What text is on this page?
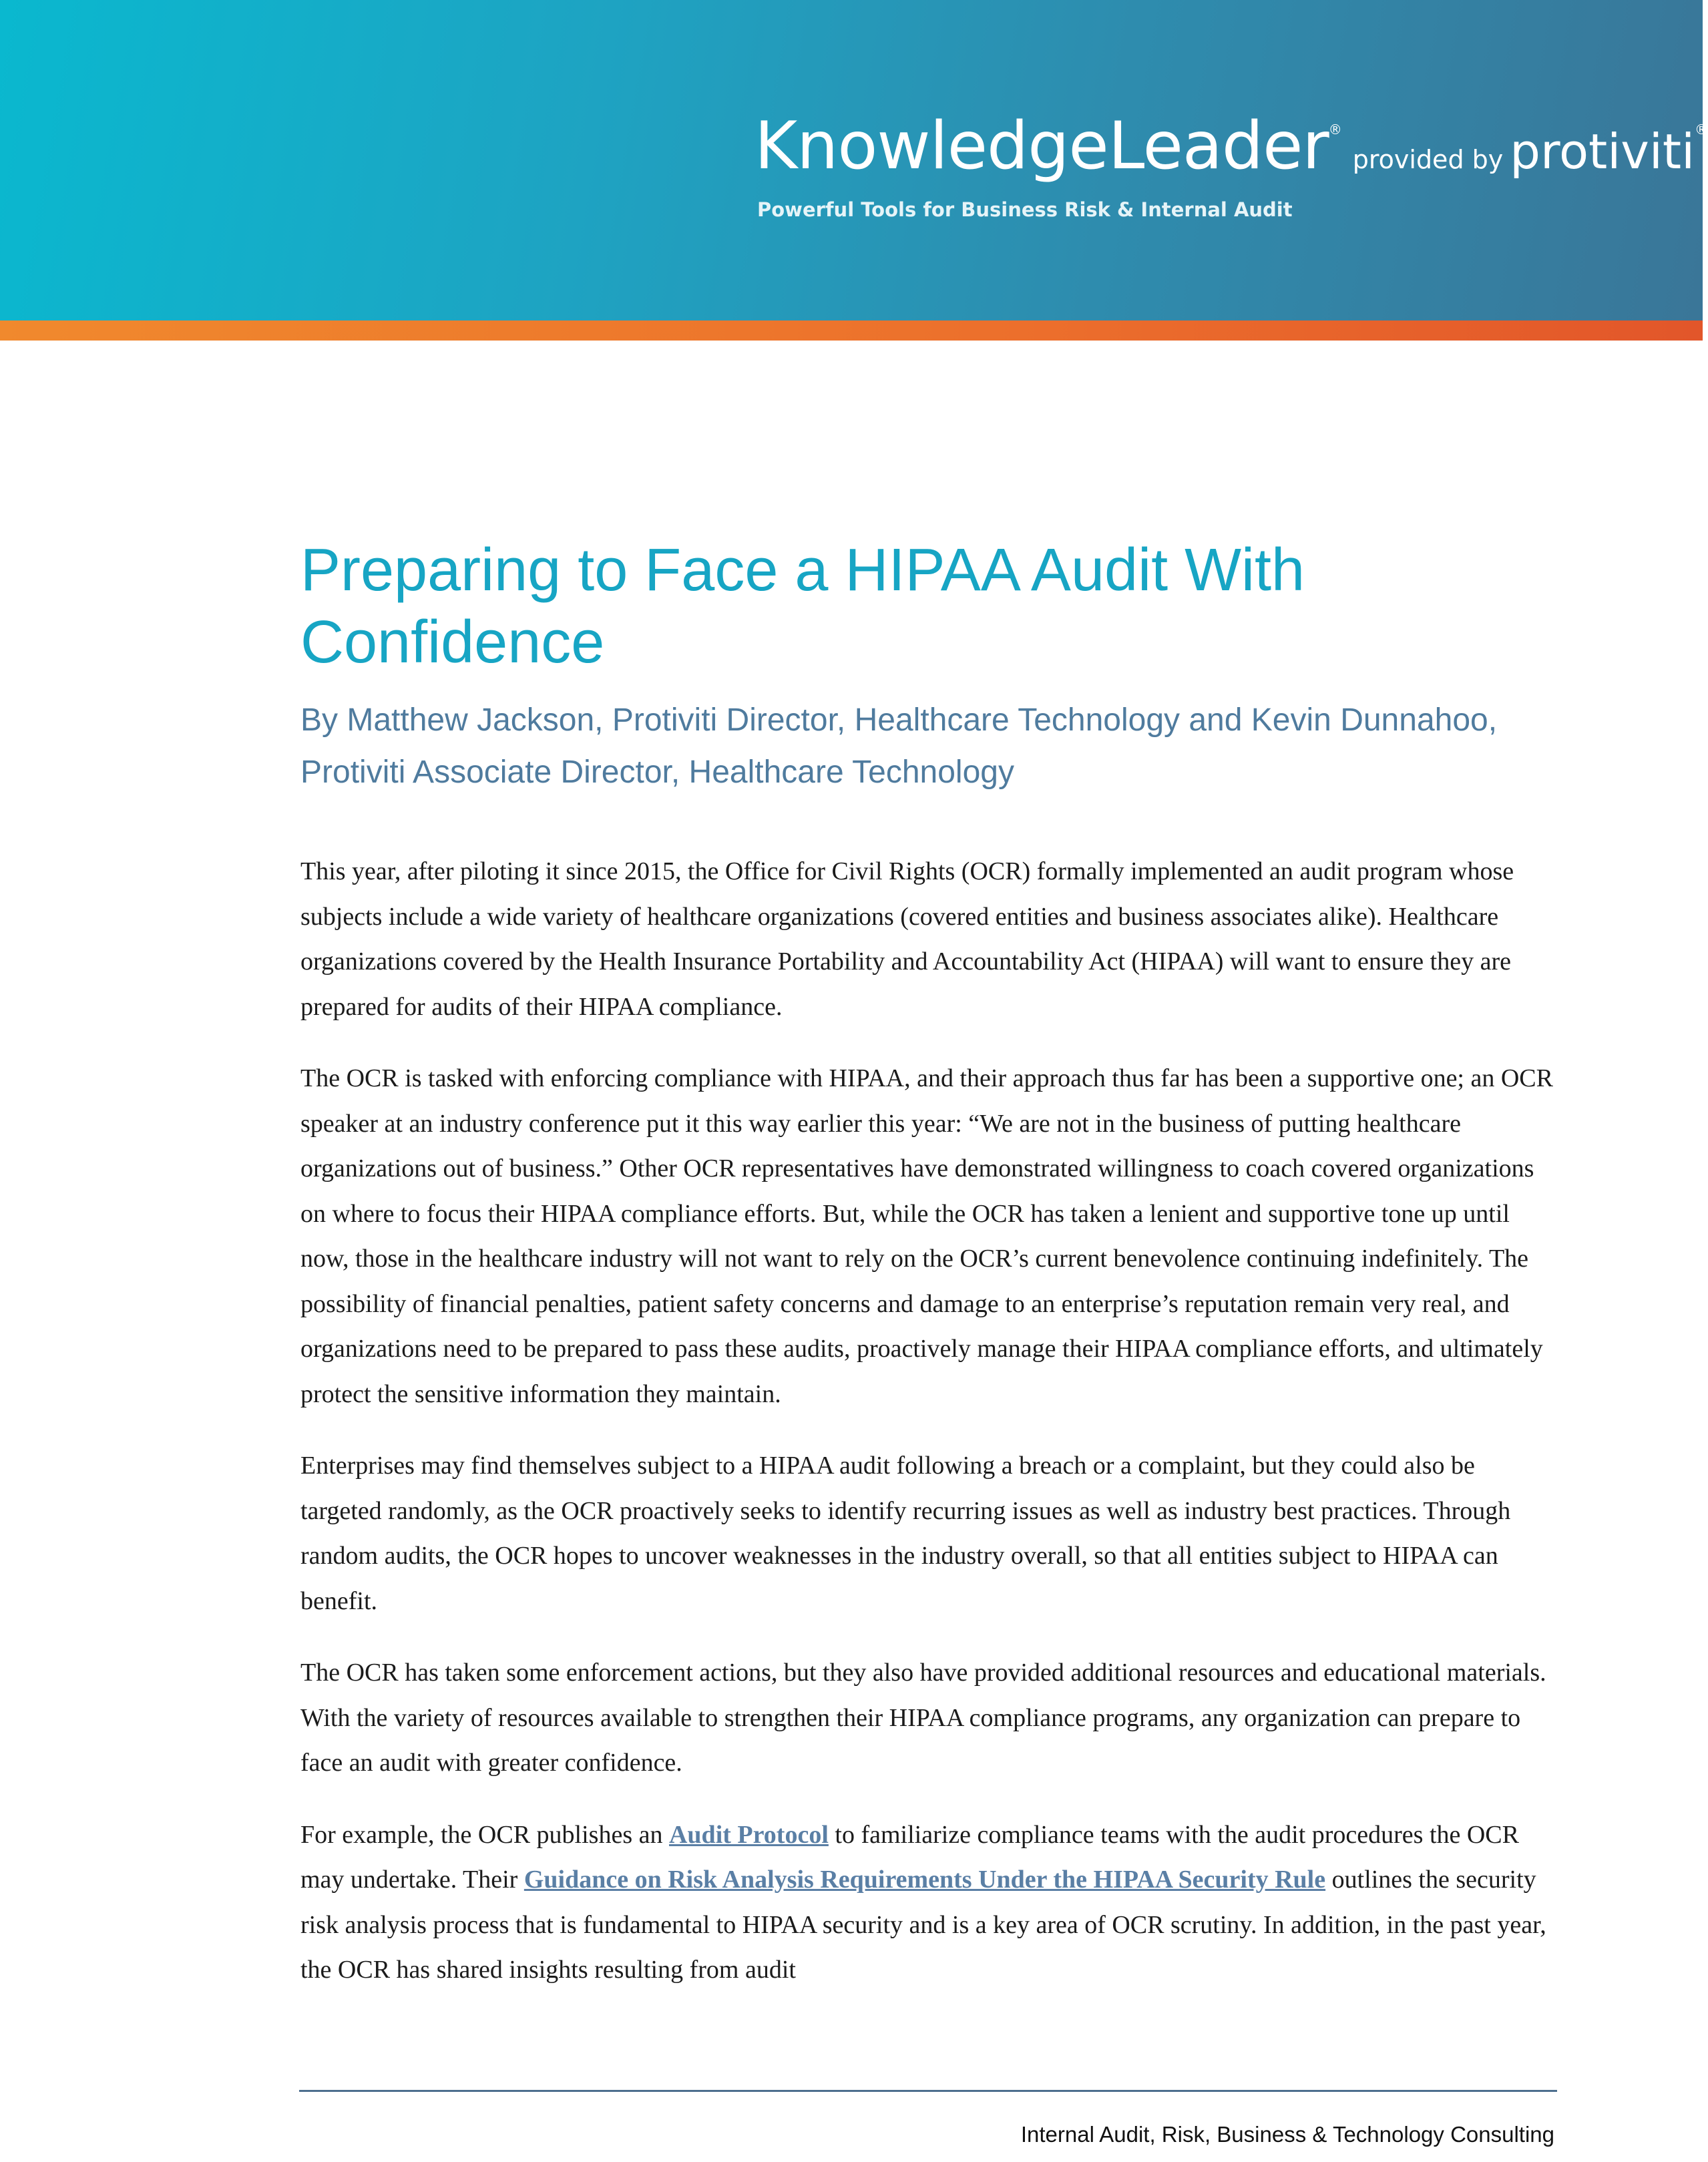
KnowledgeLeader® provided by protiviti®
Powerful Tools for Business Risk & Internal Audit
Preparing to Face a HIPAA Audit With Confidence

By Matthew Jackson, Protiviti Director, Healthcare Technology and Kevin Dunnahoo, Protiviti Associate Director, Healthcare Technology

This year, after piloting it since 2015, the Office for Civil Rights (OCR) formally implemented an audit program whose subjects include a wide variety of healthcare organizations (covered entities and business associates alike). Healthcare organizations covered by the Health Insurance Portability and Accountability Act (HIPAA) will want to ensure they are prepared for audits of their HIPAA compliance.

The OCR is tasked with enforcing compliance with HIPAA, and their approach thus far has been a supportive one; an OCR speaker at an industry conference put it this way earlier this year: “We are not in the business of putting healthcare organizations out of business.” Other OCR representatives have demonstrated willingness to coach covered organizations on where to focus their HIPAA compliance efforts. But, while the OCR has taken a lenient and supportive tone up until now, those in the healthcare industry will not want to rely on the OCR’s current benevolence continuing indefinitely. The possibility of financial penalties, patient safety concerns and damage to an enterprise’s reputation remain very real, and organizations need to be prepared to pass these audits, proactively manage their HIPAA compliance efforts, and ultimately protect the sensitive information they maintain.

Enterprises may find themselves subject to a HIPAA audit following a breach or a complaint, but they could also be targeted randomly, as the OCR proactively seeks to identify recurring issues as well as industry best practices. Through random audits, the OCR hopes to uncover weaknesses in the industry overall, so that all entities subject to HIPAA can benefit.

The OCR has taken some enforcement actions, but they also have provided additional resources and educational materials. With the variety of resources available to strengthen their HIPAA compliance programs, any organization can prepare to face an audit with greater confidence.

For example, the OCR publishes an Audit Protocol to familiarize compliance teams with the audit procedures the OCR may undertake. Their Guidance on Risk Analysis Requirements Under the HIPAA Security Rule outlines the security risk analysis process that is fundamental to HIPAA security and is a key area of OCR scrutiny. In addition, in the past year, the OCR has shared insights resulting from audit

Internal Audit, Risk, Business & Technology Consulting
